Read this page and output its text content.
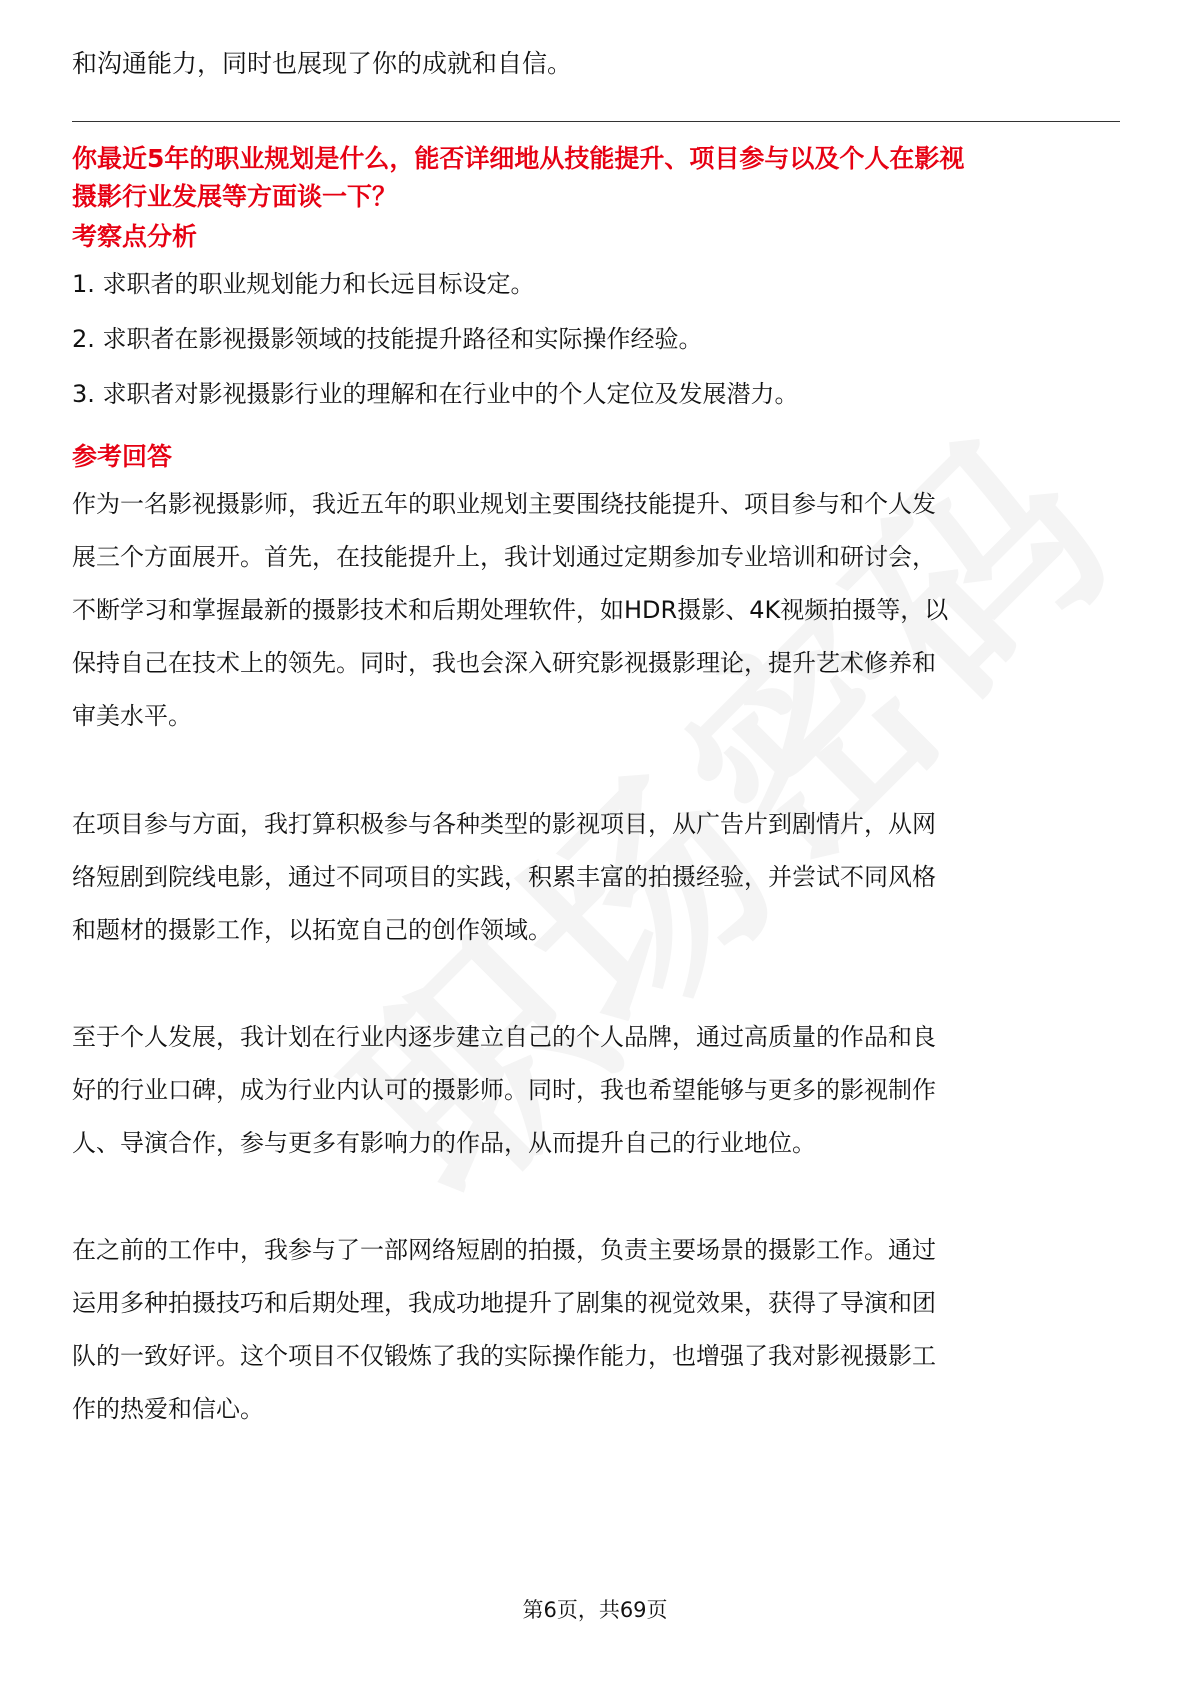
和沟通能力，同时也展现了你的成就和自信。
你最近5年的职业规划是什么，能否详细地从技能提升、项目参与以及个人在影视
摄影行业发展等方面谈一下？
考察点分析
1. 求职者的职业规划能力和长远目标设定。
2. 求职者在影视摄影领域的技能提升路径和实际操作经验。
3. 求职者对影视摄影行业的理解和在行业中的个人定位及发展潜力。
参考回答
作为一名影视摄影师，我近五年的职业规划主要围绕技能提升、项目参与和个人发
展三个方面展开。首先，在技能提升上，我计划通过定期参加专业培训和研讨会，
不断学习和掌握最新的摄影技术和后期处理软件，如HDR摄影、4K视频拍摄等，以
保持自己在技术上的领先。同时，我也会深入研究影视摄影理论，提升艺术修养和
审美水平。
在项目参与方面，我打算积极参与各种类型的影视项目，从广告片到剧情片，从网
络短剧到院线电影，通过不同项目的实践，积累丰富的拍摄经验，并尝试不同风格
和题材的摄影工作，以拓宽自己的创作领域。
至于个人发展，我计划在行业内逐步建立自己的个人品牌，通过高质量的作品和良
好的行业口碑，成为行业内认可的摄影师。同时，我也希望能够与更多的影视制作
人、导演合作，参与更多有影响力的作品，从而提升自己的行业地位。
在之前的工作中，我参与了一部网络短剧的拍摄，负责主要场景的摄影工作。通过
运用多种拍摄技巧和后期处理，我成功地提升了剧集的视觉效果，获得了导演和团
队的一致好评。这个项目不仅锻炼了我的实际操作能力，也增强了我对影视摄影工
作的热爱和信心。
第6页，共69页
